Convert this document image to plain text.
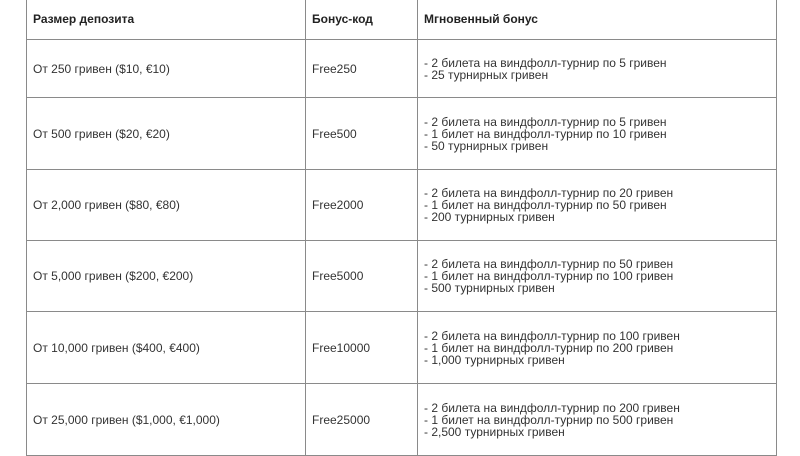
Размер депозита	Бонус-код	Мгновенный бонус
От 250 гривен ($10, €10)	Free250	- 2 билета на виндфолл-турнир по 5 гривен
- 25 турнирных гривен

От 500 гривен ($20, €20)	Free500	- 2 билета на виндфолл-турнир по 5 гривен
- 1 билет на виндфолл-турнир по 10 гривен
- 50 турнирных гривен

От 2,000 гривен ($80, €80)	Free2000	- 2 билета на виндфолл-турнир по 20 гривен
- 1 билет на виндфолл-турнир по 50 гривен
- 200 турнирных гривен

От 5,000 гривен ($200, €200)	Free5000	- 2 билета на виндфолл-турнир по 50 гривен
- 1 билет на виндфолл-турнир по 100 гривен
- 500 турнирных гривен

От 10,000 гривен ($400, €400)	Free10000	- 2 билета на виндфолл-турнир по 100 гривен
- 1 билет на виндфолл-турнир по 200 гривен
- 1,000 турнирных гривен

От 25,000 гривен ($1,000, €1,000)	Free25000	- 2 билета на виндфолл-турнир по 200 гривен
- 1 билет на виндфолл-турнир по 500 гривен
- 2,500 турнирных гривен
